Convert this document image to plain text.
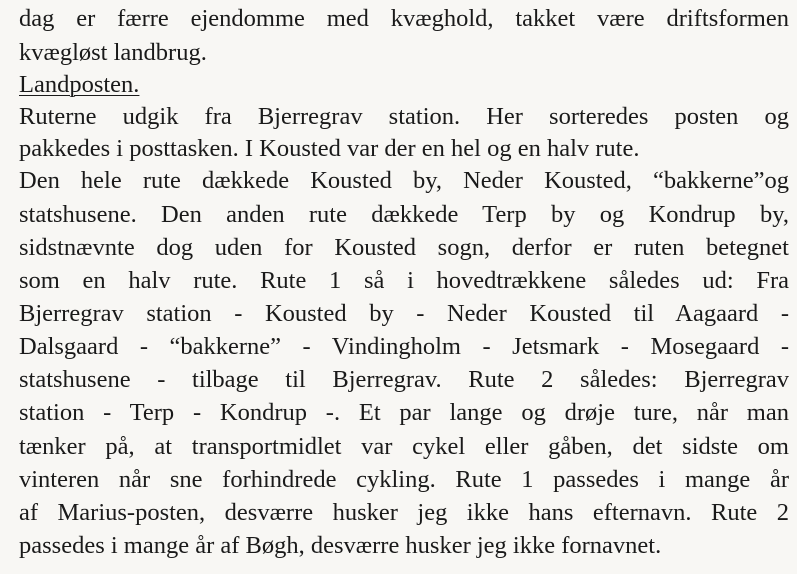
dag er færre ejendomme med kvæghold, takket være driftsformen
kvægløst landbrug.
Landposten.
Ruterne udgik fra Bjerregrav station. Her sorteredes posten og
pakkedes i posttasken. I Kousted var der en hel og en halv rute.
Den hele rute dækkede Kousted by, Neder Kousted, “bakkerne”og
statshusene. Den anden rute dækkede Terp by og Kondrup by,
sidstnævnte dog uden for Kousted sogn, derfor er ruten betegnet
som en halv rute. Rute 1 så i hovedtrækkene således ud: Fra
Bjerregrav station - Kousted by - Neder Kousted til Aagaard -
Dalsgaard - “bakkerne” - Vindingholm - Jetsmark - Mosegaard -
statshusene - tilbage til Bjerregrav. Rute 2 således: Bjerregrav
station - Terp - Kondrup -. Et par lange og drøje ture, når man
tænker på, at transportmidlet var cykel eller gåben, det sidste om
vinteren når sne forhindrede cykling. Rute 1 passedes i mange år
af Marius-posten, desværre husker jeg ikke hans efternavn. Rute 2
passedes i mange år af Bøgh, desværre husker jeg ikke fornavnet.
